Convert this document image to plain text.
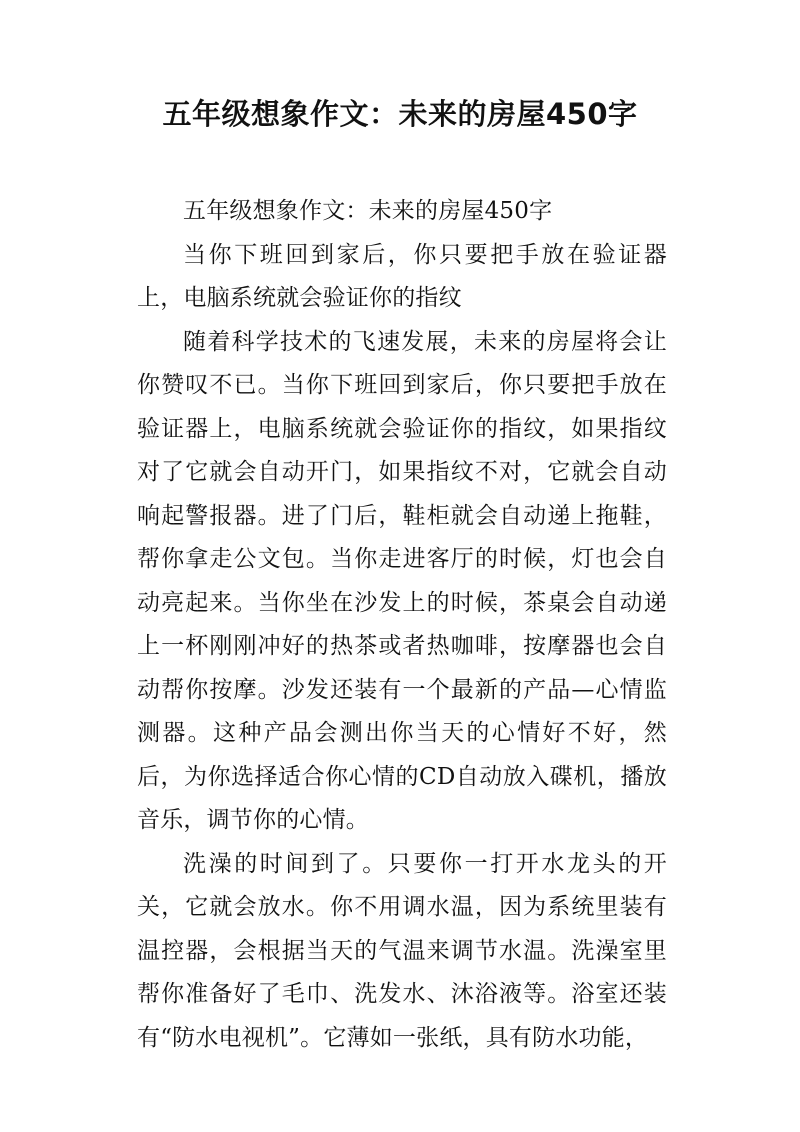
五年级想象作文：未来的房屋450字

五年级想象作文：未来的房屋450字

当你下班回到家后，你只要把手放在验证器上，电脑系统就会验证你的指纹

随着科学技术的飞速发展，未来的房屋将会让你赞叹不已。当你下班回到家后，你只要把手放在验证器上，电脑系统就会验证你的指纹，如果指纹对了它就会自动开门，如果指纹不对，它就会自动响起警报器。进了门后，鞋柜就会自动递上拖鞋，帮你拿走公文包。当你走进客厅的时候，灯也会自动亮起来。当你坐在沙发上的时候，茶桌会自动递上一杯刚刚冲好的热茶或者热咖啡，按摩器也会自动帮你按摩。沙发还装有一个最新的产品—心情监测器。这种产品会测出你当天的心情好不好，然后，为你选择适合你心情的CD自动放入碟机，播放音乐，调节你的心情。

洗澡的时间到了。只要你一打开水龙头的开关，它就会放水。你不用调水温，因为系统里装有温控器，会根据当天的气温来调节水温。洗澡室里帮你准备好了毛巾、洗发水、沐浴液等。浴室还装有“防水电视机”。它薄如一张纸，具有防水功能，
